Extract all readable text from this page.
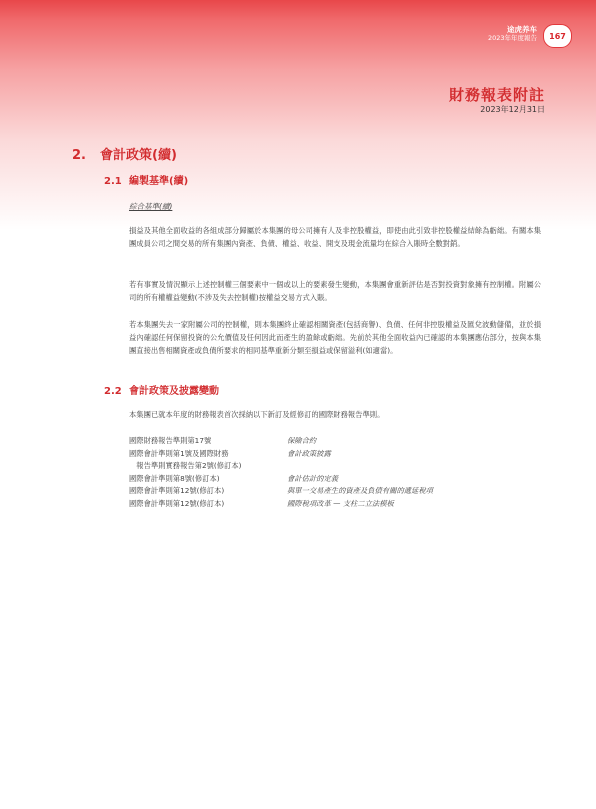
途虎养车
2023年年度報告	167
財務報表附註
2023年12月31日
2. 會計政策(續)
2.1 編製基準(續)
綜合基準(續)

損益及其他全面收益的各組成部分歸屬於本集團的母公司擁有人及非控股權益，即使由此引致非控股權益結餘為虧絀。有關本集團成員公司之間交易的所有集團內資產、負債、權益、收益、開支及現金流量均在綜合入賬時全數對銷。

若有事實及情況顯示上述控制權三個要素中一個或以上的要素發生變動，本集團會重新評估是否對投資對象擁有控制權。附屬公司的所有權權益變動(不涉及失去控制權)按權益交易方式入賬。

若本集團失去一家附屬公司的控制權，則本集團終止確認相關資產(包括商譽)、負債、任何非控股權益及匯兌波動儲備，並於損益內確認任何保留投資的公允價值及任何因此而產生的盈餘或虧絀。先前於其他全面收益內已確認的本集團應佔部分，按與本集團直接出售相關資產或負債所要求的相同基準重新分類至損益或保留溢利(如適當)。

2.2 會計政策及披露變動

本集團已就本年度的財務報表首次採納以下新訂及經修訂的國際財務報告準則。

國際財務報告準則第17號	保險合約
國際會計準則第1號及國際財務	會計政策披露
　報告準則實務報告第2號(修訂本)	
國際會計準則第8號(修訂本)	會計估計的定義
國際會計準則第12號(修訂本)	與單一交易產生的資產及負債有關的遞延稅項
國際會計準則第12號(修訂本)	國際稅項改革 — 支柱二立法模板
